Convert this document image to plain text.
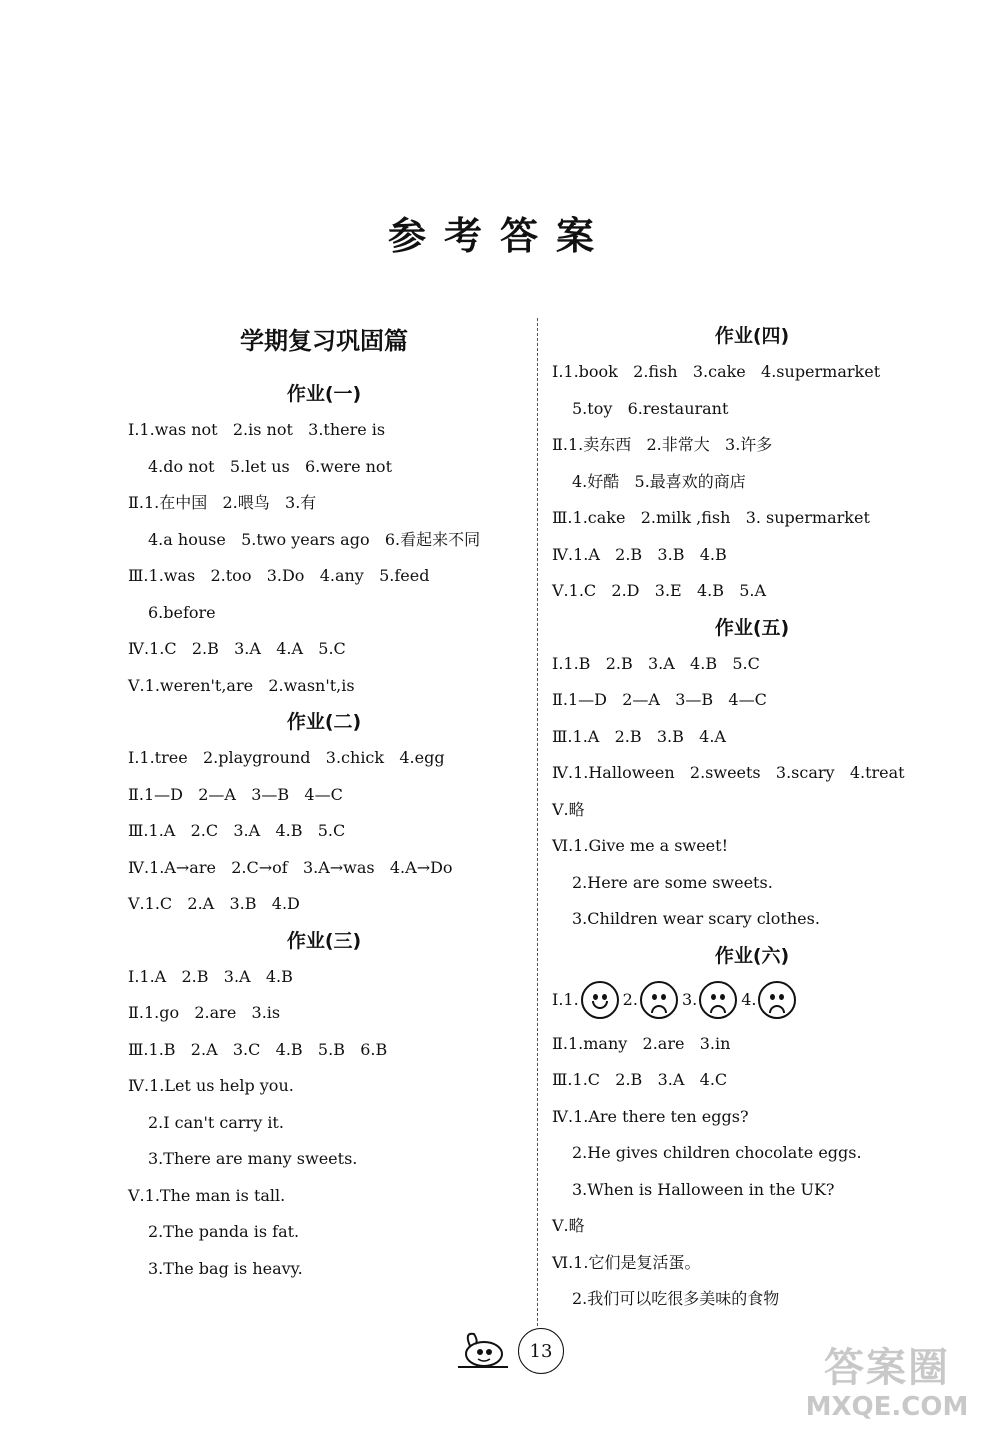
参考答案
学期复习巩固篇
作业(一)
Ⅰ.1.was not   2.is not   3.there is
4.do not   5.let us   6.were not
Ⅱ.1.在中国   2.喂鸟   3.有
4.a house   5.two years ago   6.看起来不同
Ⅲ.1.was   2.too   3.Do   4.any   5.feed
6.before
Ⅳ.1.C   2.B   3.A   4.A   5.C
Ⅴ.1.weren't,are   2.wasn't,is
作业(二)
Ⅰ.1.tree   2.playground   3.chick   4.egg
Ⅱ.1—D   2—A   3—B   4—C
Ⅲ.1.A   2.C   3.A   4.B   5.C
Ⅳ.1.A→are   2.C→of   3.A→was   4.A→Do
Ⅴ.1.C   2.A   3.B   4.D
作业(三)
Ⅰ.1.A   2.B   3.A   4.B
Ⅱ.1.go   2.are   3.is
Ⅲ.1.B   2.A   3.C   4.B   5.B   6.B
Ⅳ.1.Let us help you.
2.I can't carry it.
3.There are many sweets.
Ⅴ.1.The man is tall.
2.The panda is fat.
3.The bag is heavy.
作业(四)
Ⅰ.1.book   2.fish   3.cake   4.supermarket
5.toy   6.restaurant
Ⅱ.1.卖东西   2.非常大   3.许多
4.好酷   5.最喜欢的商店
Ⅲ.1.cake   2.milk ,fish   3. supermarket
Ⅳ.1.A   2.B   3.B   4.B
Ⅴ.1.C   2.D   3.E   4.B   5.A
作业(五)
Ⅰ.1.B   2.B   3.A   4.B   5.C
Ⅱ.1—D   2—A   3—B   4—C
Ⅲ.1.A   2.B   3.B   4.A
Ⅳ.1.Halloween   2.sweets   3.scary   4.treat
Ⅴ.略
Ⅵ.1.Give me a sweet!
2.Here are some sweets.
3.Children wear scary clothes.
作业(六)
Ⅰ.1.	2.	3.	4.
Ⅱ.1.many   2.are   3.in
Ⅲ.1.C   2.B   3.A   4.C
Ⅳ.1.Are there ten eggs?
2.He gives children chocolate eggs.
3.When is Halloween in the UK?
Ⅴ.略
Ⅵ.1.它们是复活蛋。
2.我们可以吃很多美味的食物
13	答案圈
MXQE.COM
